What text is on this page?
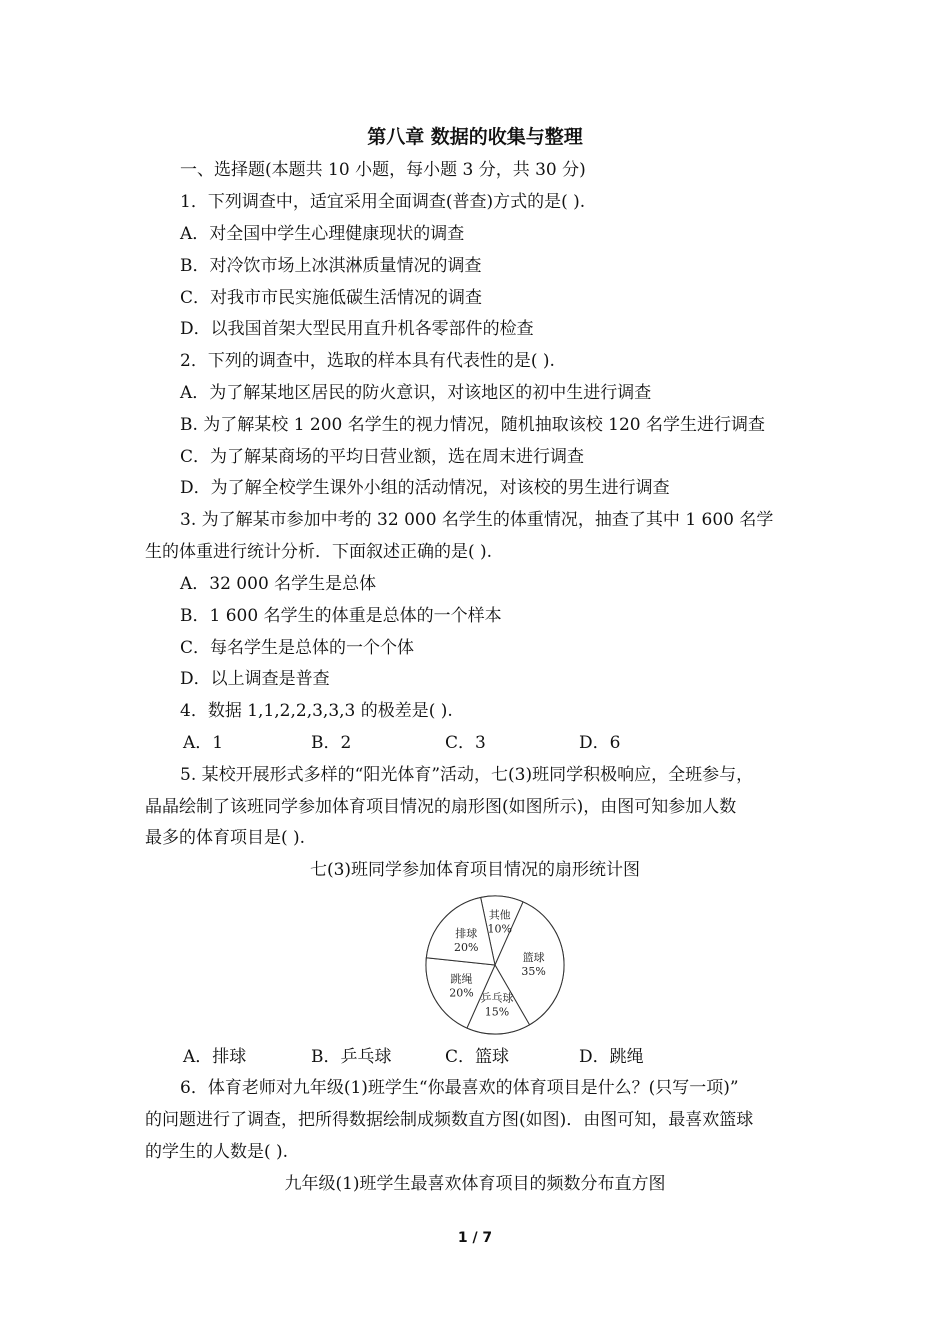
第八章 数据的收集与整理
一、选择题(本题共 10 小题，每小题 3 分，共 30 分)
1．下列调查中，适宜采用全面调查(普查)方式的是( ).
A．对全国中学生心理健康现状的调查
B．对冷饮市场上冰淇淋质量情况的调查
C．对我市市民实施低碳生活情况的调查
D．以我国首架大型民用直升机各零部件的检查
2．下列的调查中，选取的样本具有代表性的是( ).
A．为了解某地区居民的防火意识，对该地区的初中生进行调查
B. 为了解某校 1 200 名学生的视力情况，随机抽取该校 120 名学生进行调查
C．为了解某商场的平均日营业额，选在周末进行调查
D．为了解全校学生课外小组的活动情况，对该校的男生进行调查
3. 为了解某市参加中考的 32 000 名学生的体重情况，抽查了其中 1 600 名学
生的体重进行统计分析．下面叙述正确的是( ).
A．32 000 名学生是总体
B．1 600 名学生的体重是总体的一个样本
C．每名学生是总体的一个个体
D．以上调查是普查
4．数据 1,1,2,2,3,3,3 的极差是( ).
A．1	B．2	C．3	D．6
5. 某校开展形式多样的“阳光体育”活动，七(3)班同学积极响应，全班参与，
晶晶绘制了该班同学参加体育项目情况的扇形图(如图所示)，由图可知参加人数
最多的体育项目是( ).
七(3)班同学参加体育项目情况的扇形统计图
其他
10%
篮球
35%
乒乓球
15%
跳绳
20%
排球
20%
A．排球	B．乒乓球	C．篮球	D．跳绳
6．体育老师对九年级(1)班学生“你最喜欢的体育项目是什么？(只写一项)”
的问题进行了调查，把所得数据绘制成频数直方图(如图)．由图可知，最喜欢篮球
的学生的人数是( ).
九年级(1)班学生最喜欢体育项目的频数分布直方图
1 / 7
